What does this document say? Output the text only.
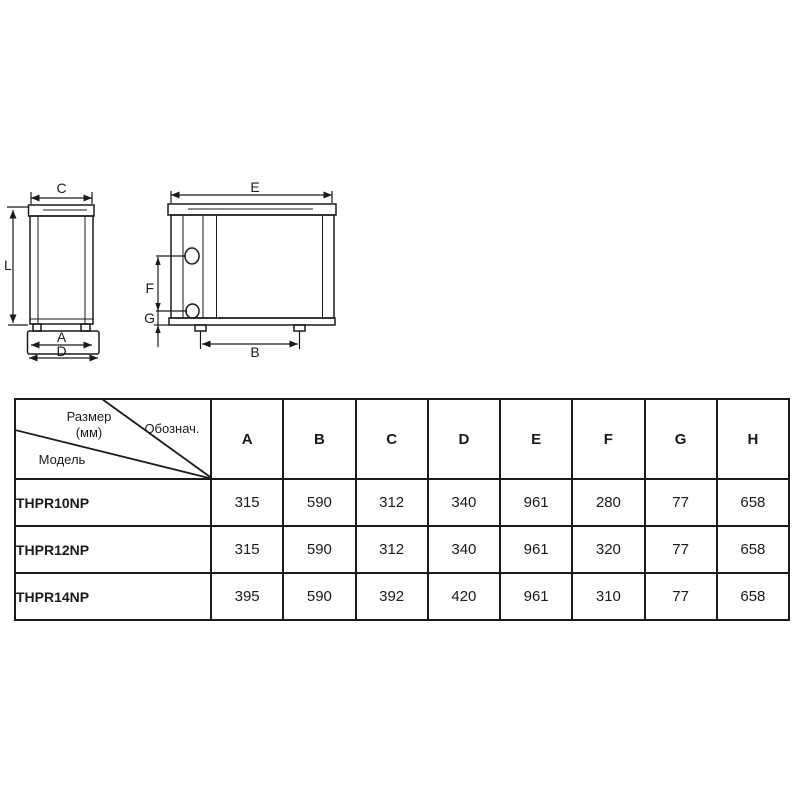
C
L
A
D
E
F
G
B
Размер
(мм) Обознач.
Модель	A	B	C	D	E	F	G	H
THPR10NP	315	590	312	340	961	280	77	658
THPR12NP	315	590	312	340	961	320	77	658
THPR14NP	395	590	392	420	961	310	77	658
